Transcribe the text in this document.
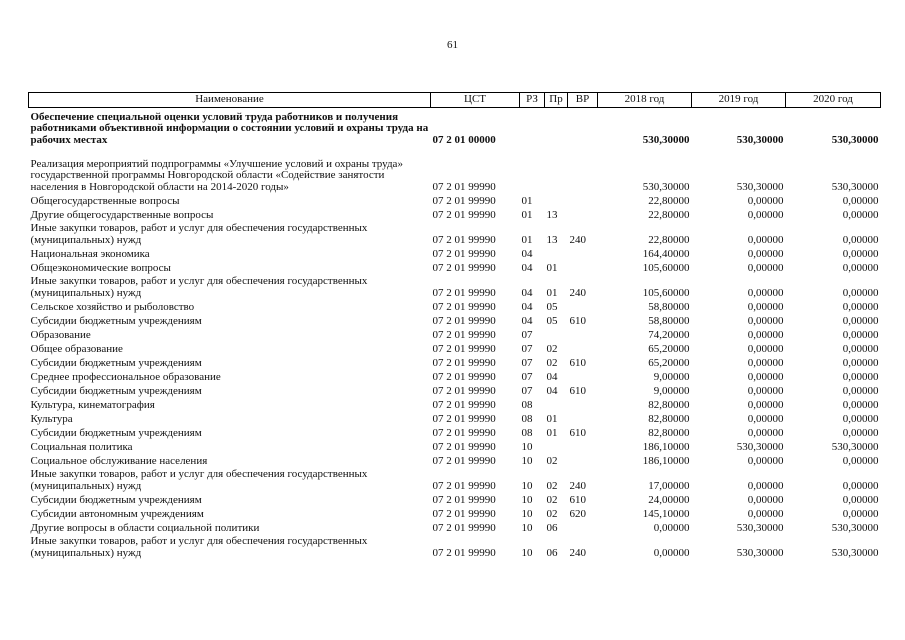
61
Наименование	ЦСТ	РЗ	Пр	ВР	2018 год	2019 год	2020 год
Обеспечение специальной оценки условий труда работников и получения работниками объективной информации о состоянии условий и охраны труда на рабочих местах	07 2 01 00000				530,30000	530,30000	530,30000
Реализация мероприятий подпрограммы «Улучшение условий и охраны труда» государственной программы Новгородской области «Содействие занятости населения в Новгородской области на 2014-2020 годы»	07 2 01 99990				530,30000	530,30000	530,30000
Общегосударственные вопросы	07 2 01 99990	01			22,80000	0,00000	0,00000
Другие общегосударственные вопросы	07 2 01 99990	01	13		22,80000	0,00000	0,00000
Иные закупки товаров, работ и услуг для обеспечения государственных (муниципальных) нужд	07 2 01 99990	01	13	240	22,80000	0,00000	0,00000
Национальная экономика	07 2 01 99990	04			164,40000	0,00000	0,00000
Общеэкономические вопросы	07 2 01 99990	04	01		105,60000	0,00000	0,00000
Иные закупки товаров, работ и услуг для обеспечения государственных (муниципальных) нужд	07 2 01 99990	04	01	240	105,60000	0,00000	0,00000
Сельское хозяйство и рыболовство	07 2 01 99990	04	05		58,80000	0,00000	0,00000
Субсидии бюджетным учреждениям	07 2 01 99990	04	05	610	58,80000	0,00000	0,00000
Образование	07 2 01 99990	07			74,20000	0,00000	0,00000
Общее образование	07 2 01 99990	07	02		65,20000	0,00000	0,00000
Субсидии бюджетным учреждениям	07 2 01 99990	07	02	610	65,20000	0,00000	0,00000
Среднее профессиональное образование	07 2 01 99990	07	04		9,00000	0,00000	0,00000
Субсидии бюджетным учреждениям	07 2 01 99990	07	04	610	9,00000	0,00000	0,00000
Культура, кинематография	07 2 01 99990	08			82,80000	0,00000	0,00000
Культура	07 2 01 99990	08	01		82,80000	0,00000	0,00000
Субсидии бюджетным учреждениям	07 2 01 99990	08	01	610	82,80000	0,00000	0,00000
Социальная политика	07 2 01 99990	10			186,10000	530,30000	530,30000
Социальное обслуживание населения	07 2 01 99990	10	02		186,10000	0,00000	0,00000
Иные закупки товаров, работ и услуг для обеспечения государственных (муниципальных) нужд	07 2 01 99990	10	02	240	17,00000	0,00000	0,00000
Субсидии бюджетным учреждениям	07 2 01 99990	10	02	610	24,00000	0,00000	0,00000
Субсидии автономным учреждениям	07 2 01 99990	10	02	620	145,10000	0,00000	0,00000
Другие вопросы в области социальной политики	07 2 01 99990	10	06		0,00000	530,30000	530,30000
Иные закупки товаров, работ и услуг для обеспечения государственных (муниципальных) нужд	07 2 01 99990	10	06	240	0,00000	530,30000	530,30000
